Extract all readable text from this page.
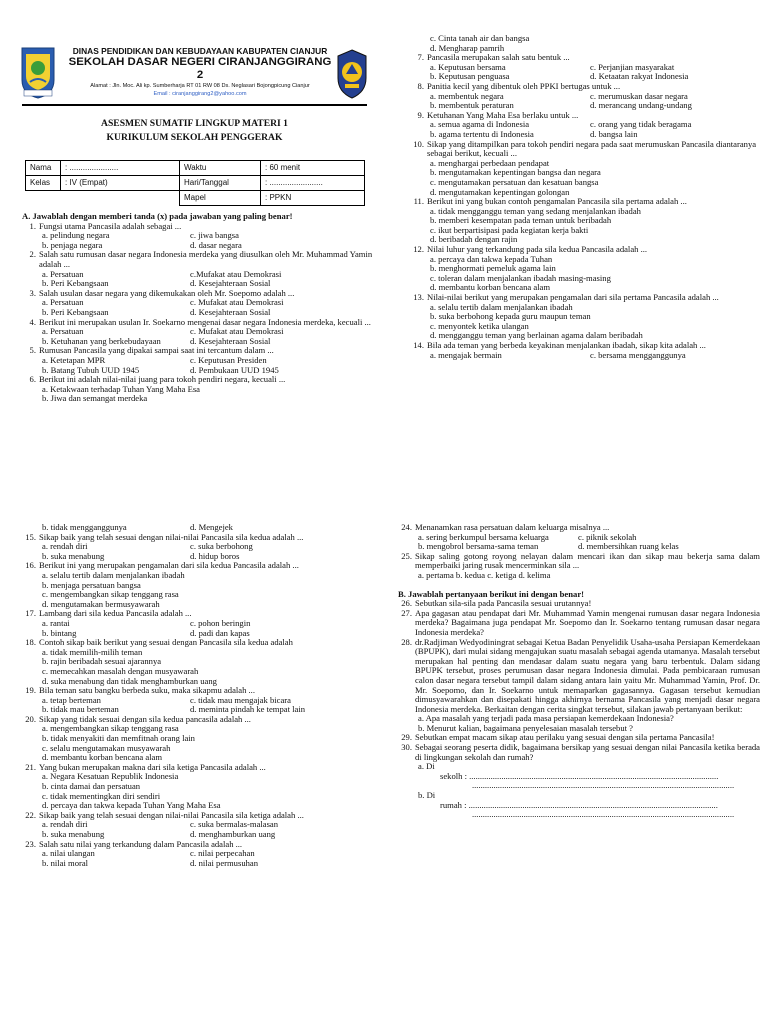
DINAS PENDIDIKAN DAN KEBUDAYAAN KABUPATEN CIANJUR
SEKOLAH DASAR NEGERI CIRANJANGGIRANG 2
Alamat : Jln. Moc. Ali kp. Sumberharja RT 01 RW 08 Ds. Neglasari Bojongpicung Cianjur
Email : ciranjanggirang2@yahoo.com
ASESMEN SUMATIF LINGKUP MATERI 1
KURIKULUM SEKOLAH PENGGERAK
Nama	: ......................	Waktu	: 60 menit
Kelas	: IV (Empat)	Hari/Tanggal	: ........................
		Mapel	: PPKN
A. Jawablah dengan memberi tanda (x) pada jawaban yang paling benar!
1. Fungsi utama Pancasila adalah sebagai ...
a. pelindung negara	c. jiwa bangsa
b. penjaga negara	d. dasar negara
2. Salah satu rumusan dasar negara Indonesia merdeka yang diusulkan oleh Mr. Muhammad Yamin adalah ...
a. Persatuan	c.Mufakat atau Demokrasi
b. Peri Kebangsaan	d. Kesejahteraan Sosial
3. Salah usulan dasar negara yang dikemukakan oleh Mr. Soepomo adalah ...
a. Persatuan	c. Mufakat atau Demokrasi
b. Peri Kebangsaan	d. Kesejahteraan Sosial
4. Berikut ini merupakan usulan Ir. Soekarno mengenai dasar negara Indonesia merdeka, kecuali ...
a. Persatuan	c. Mufakat atau Demokrasi
b. Ketuhanan yang berkebudayaan	d. Kesejahteraan Sosial
5. Rumusan Pancasila yang dipakai sampai saat ini tercantum dalam ...
a. Ketetapan MPR	c. Keputusan Presiden
b. Batang Tubuh UUD 1945	d. Pembukaan UUD 1945
6. Berikut ini adalah nilai-nilai juang para tokoh pendiri negara, kecuali ...
a. Ketakwaan terhadap Tuhan Yang Maha Esa
b. Jiwa dan semangat merdeka
c. Cinta tanah air dan bangsa
d. Mengharap pamrih
7. Pancasila merupakan salah satu bentuk ...
a. Keputusan bersama	c. Perjanjian masyarakat
b. Keputusan penguasa	d. Ketaatan rakyat Indonesia
8. Panitia kecil yang dibentuk oleh PPKI bertugas untuk ...
a. membentuk negara	c. merumuskan dasar negara
b. membentuk peraturan	d. merancang undang-undang
9. Ketuhanan Yang Maha Esa berlaku untuk ...
a. semua agama di Indonesia	c. orang yang tidak beragama
b. agama tertentu di Indonesia	d. bangsa lain
10. Sikap yang ditampilkan para tokoh pendiri negara pada saat merumuskan Pancasila diantaranya sebagai berikut, kecuali ...
a. menghargai perbedaan pendapat
b. mengutamakan kepentingan bangsa dan negara
c. mengutamakan persatuan dan kesatuan bangsa
d. mengutamakan kepentingan golongan
11. Berikut ini yang bukan contoh pengamalan Pancasila sila pertama adalah ...
a. tidak mengganggu teman yang sedang menjalankan ibadah
b. memberi kesempatan pada teman untuk beribadah
c. ikut berpartisipasi pada kegiatan kerja bakti
d. beribadah dengan rajin
12. Nilai luhur yang terkandung pada sila kedua Pancasila adalah ...
a. percaya dan takwa kepada Tuhan
b. menghormati pemeluk agama lain
c. toleran dalam menjalankan ibadah masing-masing
d. membantu korban bencana alam
13. Nilai-nilai berikut yang merupakan pengamalan dari sila pertama Pancasila adalah ...
a. selalu tertib dalam menjalankan ibadah
b. suka berbohong kepada guru maupun teman
c. menyontek ketika ulangan
d. mengganggu teman yang berlainan agama dalam beribadah
14. Bila ada teman yang berbeda keyakinan menjalankan ibadah, sikap kita adalah ...
a. mengajak bermain	c. bersama mengganggunya
b. tidak mengganggunya	d. Mengejek
15. Sikap baik yang telah sesuai dengan nilai-nilai Pancasila sila kedua adalah ...
a. rendah diri	c. suka berbohong
b. suka menabung	d. hidup boros
16. Berikut ini yang merupakan pengamalan dari sila kedua Pancasila adalah ...
a. selalu tertib dalam menjalankan ibadah
b. menjaga persatuan bangsa
c. mengembangkan sikap tenggang rasa
d. mengutamakan bermusyawarah
17. Lambang dari sila kedua Pancasila adalah ...
a. rantai	c. pohon beringin
b. bintang	d. padi dan kapas
18. Contoh sikap baik berikut yang sesuai dengan Pancasila sila kedua adalah
a. tidak memilih-milih teman
b. rajin beribadah sesuai ajarannya
c. memecahkan masalah dengan musyawarah
d. suka menabung dan tidak menghamburkan uang
19. Bila teman satu bangku berbeda suku, maka sikapmu adalah ...
a. tetap berteman	c. tidak mau mengajak bicara
b. tidak mau berteman	d. meminta pindah ke tempat lain
20. Sikap yang tidak sesuai dengan sila kedua pancasila adalah ...
a. mengembangkan sikap tenggang rasa
b. tidak menyakiti dan memfitnah orang lain
c. selalu mengutamakan musyawarah
d. membantu korban bencana alam
21. Yang bukan merupakan makna dari sila ketiga Pancasila adalah ...
a. Negara Kesatuan Republik Indonesia
b. cinta damai dan persatuan
c. tidak mementingkan diri sendiri
d. percaya dan takwa kepada Tuhan Yang Maha Esa
22. Sikap baik yang telah sesuai dengan nilai-nilai Pancasila sila ketiga adalah ...
a. rendah diri	c. suka bermalas-malasan
b. suka menabung	d. menghamburkan uang
23. Salah satu nilai yang terkandung dalam Pancasila adalah ...
a. nilai ulangan	c. nilai perpecahan
b. nilai moral	d. nilai permusuhan
24. Menanamkan rasa persatuan dalam keluarga misalnya ...
a. sering berkumpul bersama keluarga	c. piknik sekolah
b. mengobrol bersama-sama teman	d. membersihkan ruang kelas
25. Sikap saling gotong royong nelayan dalam mencari ikan dan sikap mau bekerja sama dalam memperbaiki jaring rusak mencerminkan sila ...
a. pertama b. kedua c. ketiga d. kelima
B. Jawablah pertanyaan berikut ini dengan benar!
26. Sebutkan sila-sila pada Pancasila sesuai urutannya!
27. Apa gagasan atau pendapat dari Mr. Muhammad Yamin mengenai rumusan dasar negara Indonesia merdeka? Bagaimana juga pendapat Mr. Soepomo dan Ir. Soekarno tentang rumusan dasar negara Indonesia merdeka?
28. dr.Radjiman Wedyodiningrat sebagai Ketua Badan Penyelidik Usaha-usaha Persiapan Kemerdekaan (BPUPK), dari mulai sidang mengajukan suatu masalah sebagai agenda utamanya. Masalah tersebut merupakan hal penting dan mendasar dalam suatu negara yang baru terbentuk. Dalam sidang BPUPK tersebut, proses perumusan dasar negara Indonesia dimulai. Pada pembicaraan rumusan calon dasar negara tersebut tampil dalam sidang antara lain yaitu Mr. Muhammad Yamin, Prof. Dr. Mr. Soepomo, dan Ir. Soekarno untuk memaparkan gagasannya. Gagasan tersebut kemudian dimusyawarahkan dan disepakati hingga akhirnya bernama Pancasila yang menjadi dasar negara Indonesia merdeka. Berkaitan dengan cerita singkat tersebut, silakan jawab pertanyaan berikut:
a. Apa masalah yang terjadi pada masa persiapan kemerdekaan Indonesia?
b. Menurut kalian, bagaimana penyelesaian masalah tersebut ?
29. Sebutkan empat macam sikap atau perilaku yang sesuai dengan sila pertama Pancasila!
30. Sebagai seorang peserta didik, bagaimana bersikap yang sesuai dengan nilai Pancasila ketika berada di lingkungan sekolah dan rumah?
a. Di
sekolh : ....................................................................................................................
..........................................................................................................................
b. Di
rumah : ....................................................................................................................
..........................................................................................................................
